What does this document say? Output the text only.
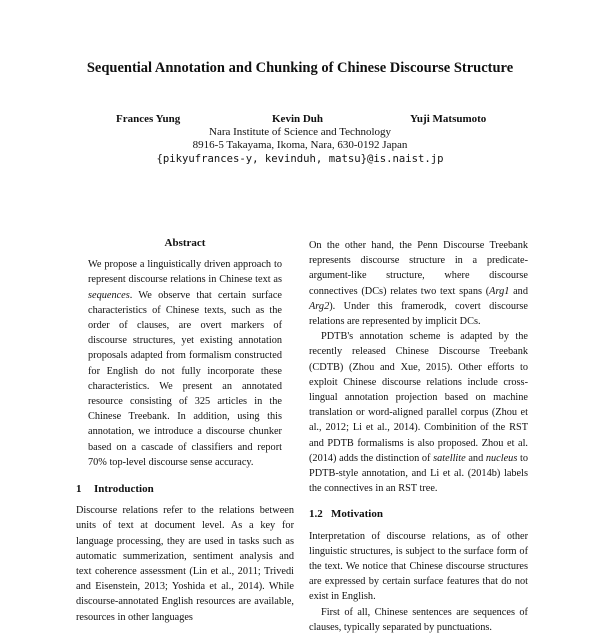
Sequential Annotation and Chunking of Chinese Discourse Structure
Frances Yung	Kevin Duh	Yuji Matsumoto
Nara Institute of Science and Technology
8916-5 Takayama, Ikoma, Nara, 630-0192 Japan
{pikyufrances-y, kevinduh, matsu}@is.naist.jp
Abstract

We propose a linguistically driven approach to represent discourse relations in Chinese text as sequences. We observe that certain surface characteristics of Chinese texts, such as the order of clauses, are overt markers of discourse structures, yet existing annotation proposals adapted from formalism constructed for English do not fully incorporate these characteristics. We present an annotated resource consisting of 325 articles in the Chinese Treebank. In addition, using this annotation, we introduce a discourse chunker based on a cascade of classifiers and report 70% top-level discourse sense accuracy.

1 Introduction

Discourse relations refer to the relations between units of text at document level. As a key for language processing, they are used in tasks such as automatic summerization, sentiment analysis and text coherence assessment (Lin et al., 2011; Trivedi and Eisenstein, 2013; Yoshida et al., 2014). While discourse-annotated English resources are available, resources in other languages

On the other hand, the Penn Discourse Treebank represents discourse structure in a predicate-argument-like structure, where discourse connectives (DCs) relates two text spans (Arg1 and Arg2). Under this framerodk, covert discourse relations are represented by implicit DCs.

PDTB's annotation scheme is adapted by the recently released Chinese Discourse Treebank (CDTB) (Zhou and Xue, 2015). Other efforts to exploit Chinese discourse relations include cross-lingual annotation projection based on machine translation or word-aligned parallel corpus (Zhou et al., 2012; Li et al., 2014). Combinition of the RST and PDTB formalisms is also proposed. Zhou et al. (2014) adds the distinction of satellite and nucleus to PDTB-style annotation, and Li et al. (2014b) labels the connectives in an RST tree.

1.2 Motivation

Interpretation of discourse relations, as of other linguistic structures, is subject to the surface form of the text. We notice that Chinese discourse structures are expressed by certain surface features that do not exist in English.

First of all, Chinese sentences are sequences of clauses, typically separated by punctuations.
